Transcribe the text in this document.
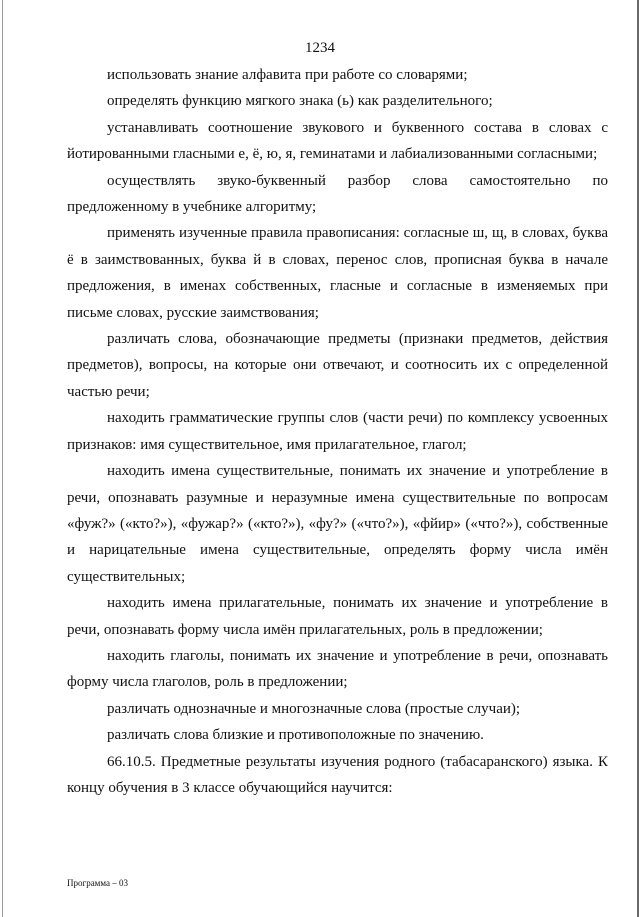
1234

использовать знание алфавита при работе со словарями;

определять функцию мягкого знака (ь) как разделительного;

устанавливать соотношение звукового и буквенного состава в словах с йотированными гласными е, ё, ю, я, геминатами и лабиализованными согласными;

осуществлять звуко-буквенный разбор слова самостоятельно по предложенному в учебнике алгоритму;

применять изученные правила правописания: согласные ш, щ, в словах, буква ё в заимствованных, буква й в словах, перенос слов, прописная буква в начале предложения, в именах собственных, гласные и согласные в изменяемых при письме словах, русские заимствования;

различать слова, обозначающие предметы (признаки предметов, действия предметов), вопросы, на которые они отвечают, и соотносить их с определенной частью речи;

находить грамматические группы слов (части речи) по комплексу усвоенных признаков: имя существительное, имя прилагательное, глагол;

находить имена существительные, понимать их значение и употребление в речи, опознавать разумные и неразумные имена существительные по вопросам «фуж?» («кто?»), «фужар?» («кто?»), «фу?» («что?»), «фйир» («что?»), собственные и нарицательные имена существительные, определять форму числа имён существительных;

находить имена прилагательные, понимать их значение и употребление в речи, опознавать форму числа имён прилагательных, роль в предложении;

находить глаголы, понимать их значение и употребление в речи, опознавать форму числа глаголов, роль в предложении;

различать однозначные и многозначные слова (простые случаи);

различать слова близкие и противоположные по значению.

66.10.5. Предметные результаты изучения родного (табасаранского) языка. К концу обучения в 3 классе обучающийся научится:

Программа – 03
